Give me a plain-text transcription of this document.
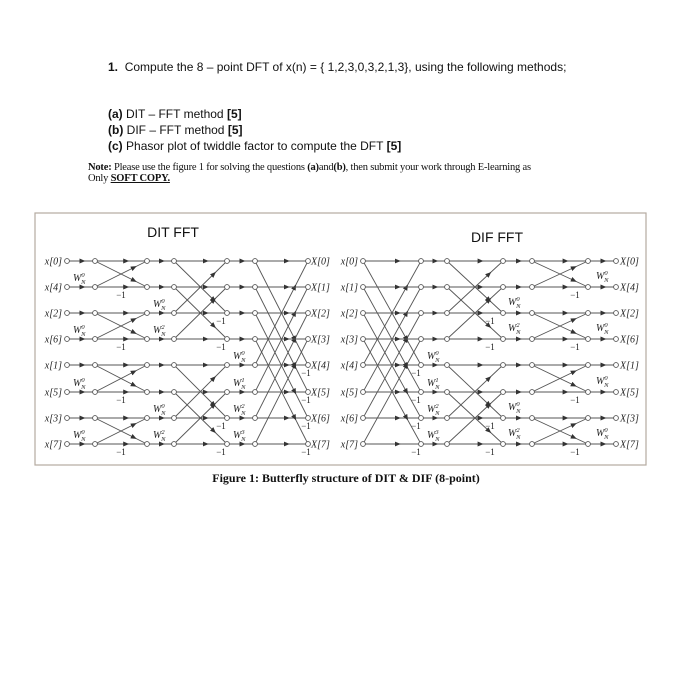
1. Compute the 8 – point DFT of x(n) = { 1,2,3,0,3,2,1,3}, using the following methods;
(a) DIT – FFT method [5]
(b) DIF – FFT method [5]
(c) Phasor plot of twiddle factor to compute the DFT [5]
Note: Please use the figure 1 for solving the questions (a)and(b), then submit your work through E-learning as
Only SOFT COPY.
DIT FFT	DIF FFT
x[0]	X[0]
x[4]	X[1]
x[2]	X[2]
x[6]	X[3]
x[1]	X[4]
x[5]	X[5]
x[3]	X[6]
x[7]	X[7]
$W^0$ N
−1
$W^0$ N
−1
$W^0$ N
−1
$W^0$ N
−1
$W^0$ N
−1
$W^2$ N
−1
$W^0$ N
−1
$W^2$ N
−1
$W^0$ N
−1
$W^1$ N
−1
$W^2$ N
−1
$W^3$ N
−1
x[0]	X[0]
x[1]	X[4]
x[2]	X[2]
x[3]	X[6]
x[4]	X[1]
x[5]	X[5]
x[6]	X[3]
x[7]	X[7]
$W^0$ N
−1
$W^1$ N
−1
$W^2$ N
−1
$W^3$ N
−1
$W^0$ N
−1
$W^2$ N
−1
$W^0$ N
−1
$W^2$ N
−1
$W^0$ N
−1
$W^0$ N
−1
$W^0$ N
−1
$W^0$ N
−1
Figure 1: Butterfly structure of DIT & DIF (8-point)
